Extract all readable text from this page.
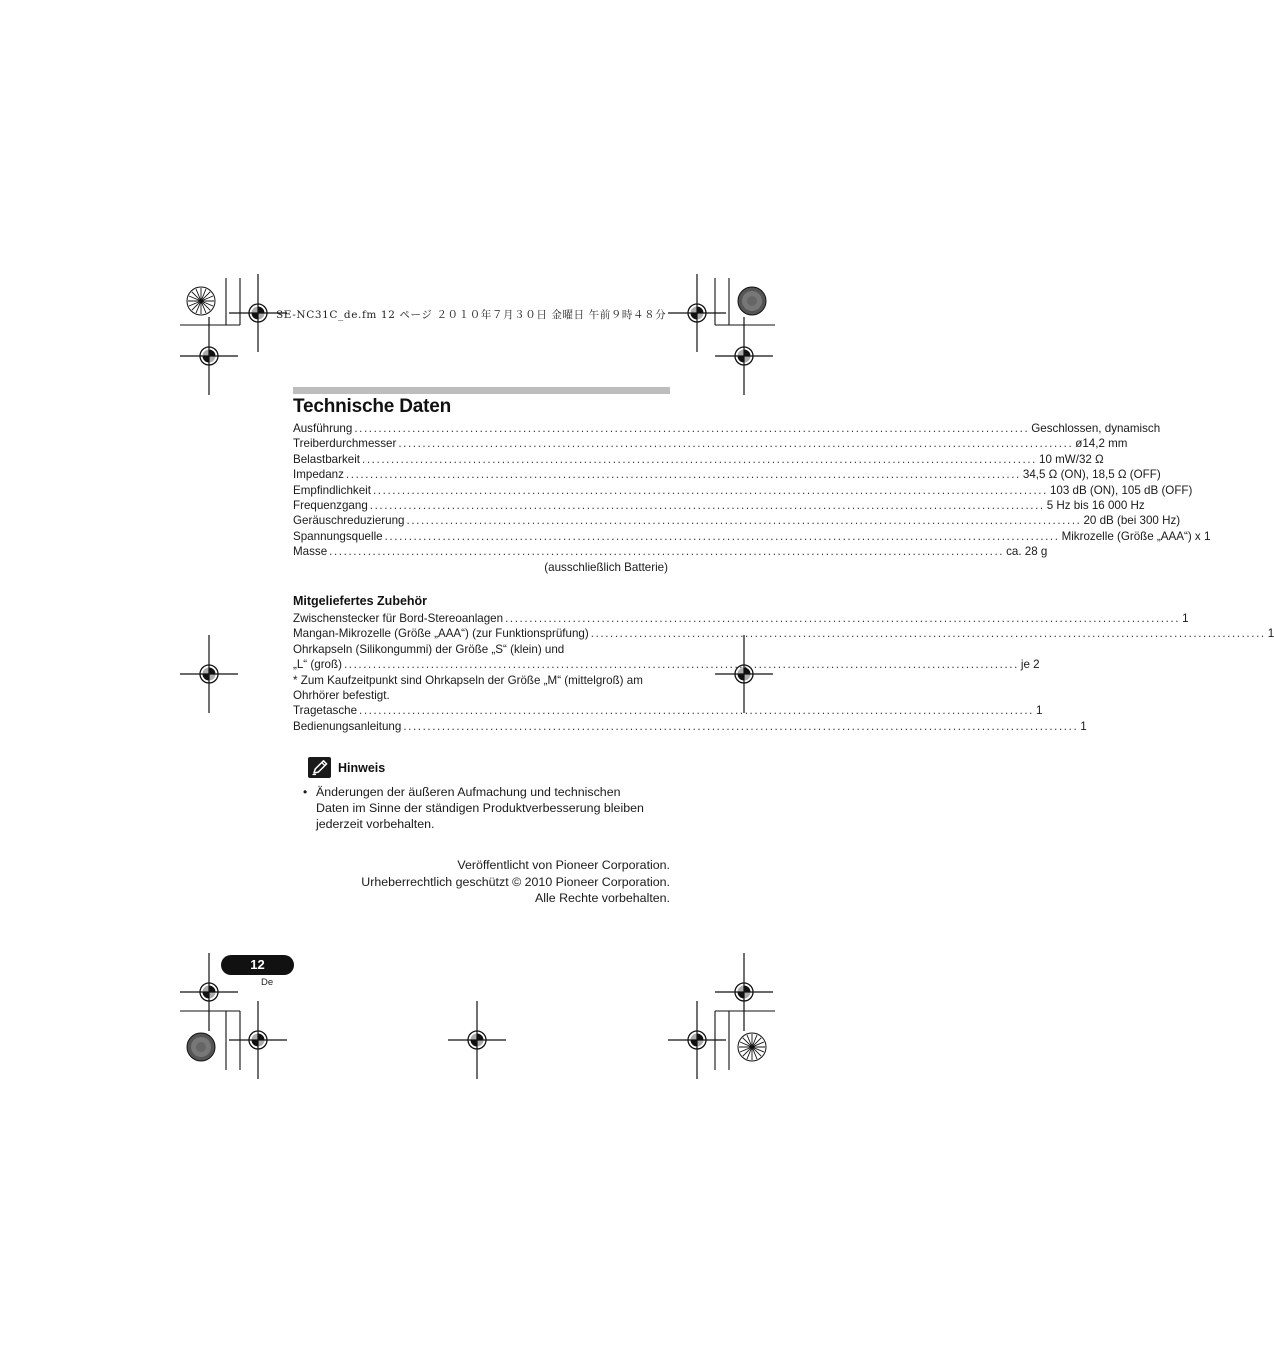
SE-NC31C_de.fm 12 ページ ２０１０年７月３０日 金曜日 午前９時４８分
Technische Daten
Ausführung ............................................................................................................................................ Geschlossen, dynamisch
Treiberdurchmesser ............................................................................................................................................ ø14,2 mm
Belastbarkeit ............................................................................................................................................ 10 mW/32 Ω
Impedanz ............................................................................................................................................ 34,5 Ω (ON), 18,5 Ω (OFF)
Empfindlichkeit ............................................................................................................................................ 103 dB (ON), 105 dB (OFF)
Frequenzgang ............................................................................................................................................ 5 Hz bis 16 000 Hz
Geräuschreduzierung ............................................................................................................................................ 20 dB (bei 300 Hz)
Spannungsquelle ............................................................................................................................................ Mikrozelle (Größe „AAA“) x 1
Masse ............................................................................................................................................ ca. 28 g
(ausschließlich Batterie)
Mitgeliefertes Zubehör
Zwischenstecker für Bord-Stereoanlagen ............................................................................................................................................ 1
Mangan-Mikrozelle (Größe „AAA“) (zur Funktionsprüfung) ............................................................................................................................................ 1
Ohrkapseln (Silikongummi) der Größe „S“ (klein) und
„L“ (groß) ............................................................................................................................................ je 2
* Zum Kaufzeitpunkt sind Ohrkapseln der Größe „M“ (mittelgroß) am
Ohrhörer befestigt.
Tragetasche ............................................................................................................................................ 1
Bedienungsanleitung ............................................................................................................................................ 1
Hinweis
• Änderungen der äußeren Aufmachung und technischen
Daten im Sinne der ständigen Produktverbesserung bleiben
jederzeit vorbehalten.
Veröffentlicht von Pioneer Corporation.
Urheberrechtlich geschützt © 2010 Pioneer Corporation.
Alle Rechte vorbehalten.
12
De
